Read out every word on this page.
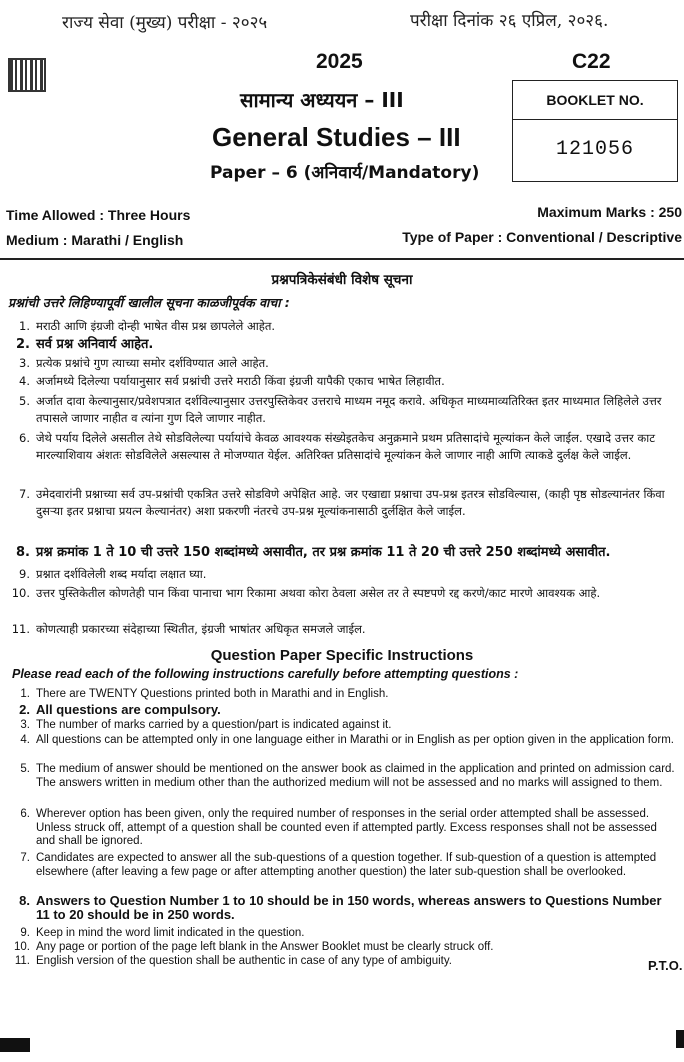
राज्य सेवा (मुख्य) परीक्षा - २०२५	परीक्षा दिनांक २६ एप्रिल, २०२६.
2025	C22
सामान्य अध्ययन – III
General Studies – III
Paper – 6 (अनिवार्य/Mandatory)
BOOKLET NO.
121056
Time Allowed : Three Hours	Maximum Marks : 250
Medium : Marathi / English	Type of Paper : Conventional / Descriptive
प्रश्नपत्रिकेसंबंधी विशेष सूचना
प्रश्नांची उत्तरे लिहिण्यापूर्वी खालील सूचना काळजीपूर्वक वाचा :
1. मराठी आणि इंग्रजी दोन्ही भाषेत वीस प्रश्न छापलेले आहेत.
2. सर्व प्रश्न अनिवार्य आहेत.
3. प्रत्येक प्रश्नांचे गुण त्याच्या समोर दर्शविण्यात आले आहेत.
4. अर्जामध्ये दिलेल्या पर्यायानुसार सर्व प्रश्नांची उत्तरे मराठी किंवा इंग्रजी यापैकी एकाच भाषेत लिहावीत.
5. अर्जात दावा केल्यानुसार/प्रवेशपत्रात दर्शविल्यानुसार उत्तरपुस्तिकेवर उत्तराचे माध्यम नमूद करावे. अधिकृत माध्यमाव्यतिरिक्त इतर माध्यमात लिहिलेले उत्तर तपासले जाणार नाहीत व त्यांना गुण दिले जाणार नाहीत.
6. जेथे पर्याय दिलेले असतील तेथे सोडविलेल्या पर्यायांचे केवळ आवश्यक संख्येइतकेच अनुक्रमाने प्रथम प्रतिसादांचे मूल्यांकन केले जाईल. एखादे उत्तर काट मारल्याशिवाय अंशतः सोडविलेले असल्यास ते मोजण्यात येईल. अतिरिक्त प्रतिसादांचे मूल्यांकन केले जाणार नाही आणि त्याकडे दुर्लक्ष केले जाईल.
7. उमेदवारांनी प्रश्नाच्या सर्व उप-प्रश्नांची एकत्रित उत्तरे सोडविणे अपेक्षित आहे. जर एखाद्या प्रश्नाचा उप-प्रश्न इतरत्र सोडविल्यास, (काही पृष्ठ सोडल्यानंतर किंवा दुसऱ्या इतर प्रश्नाचा प्रयत्न केल्यानंतर) अशा प्रकरणी नंतरचे उप-प्रश्न मूल्यांकनासाठी दुर्लक्षित केले जाईल.
8. प्रश्न क्रमांक 1 ते 10 ची उत्तरे 150 शब्दांमध्ये असावीत, तर प्रश्न क्रमांक 11 ते 20 ची उत्तरे 250 शब्दांमध्ये असावीत.
9. प्रश्नात दर्शविलेली शब्द मर्यादा लक्षात घ्या.
10. उत्तर पुस्तिकेतील कोणतेही पान किंवा पानाचा भाग रिकामा अथवा कोरा ठेवला असेल तर ते स्पष्टपणे रद्द करणे/काट मारणे आवश्यक आहे.
11. कोणत्याही प्रकारच्या संदेहाच्या स्थितीत, इंग्रजी भाषांतर अधिकृत समजले जाईल.
Question Paper Specific Instructions
Please read each of the following instructions carefully before attempting questions :
1. There are TWENTY Questions printed both in Marathi and in English.
2. All questions are compulsory.
3. The number of marks carried by a question/part is indicated against it.
4. All questions can be attempted only in one language either in Marathi or in English as per option given in the application form.
5. The medium of answer should be mentioned on the answer book as claimed in the application and printed on admission card. The answers written in medium other than the authorized medium will not be assessed and no marks will assigned to them.
6. Wherever option has been given, only the required number of responses in the serial order attempted shall be assessed. Unless struck off, attempt of a question shall be counted even if attempted partly. Excess responses shall not be assessed and shall be ignored.
7. Candidates are expected to answer all the sub-questions of a question together. If sub-question of a question is attempted elsewhere (after leaving a few page or after attempting another question) the later sub-question shall be overlooked.
8. Answers to Question Number 1 to 10 should be in 150 words, whereas answers to Questions Number 11 to 20 should be in 250 words.
9. Keep in mind the word limit indicated in the question.
10. Any page or portion of the page left blank in the Answer Booklet must be clearly struck off.
11. English version of the question shall be authentic in case of any type of ambiguity.	P.T.O.
